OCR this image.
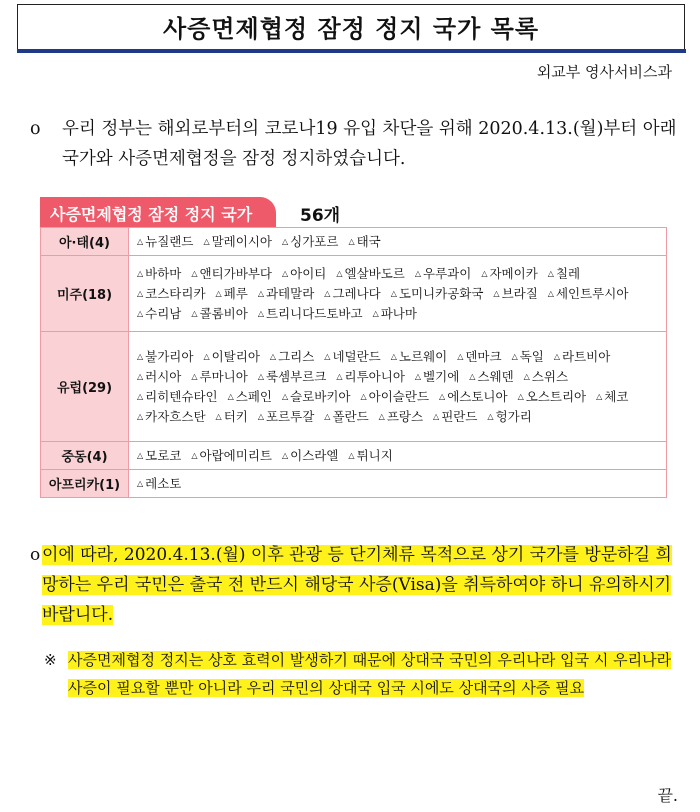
사증면제협정 잠정 정지 국가 목록
외교부 영사서비스과
o 우리 정부는 해외로부터의 코로나19 유입 차단을 위해 2020.4.13.(월)부터 아래 국가와 사증면제협정을 잠정 정지하였습니다.
사증면제협정 잠정 정지 국가	56개
아·태(4)	△ 뉴질랜드 △ 말레이시아 △ 싱가포르 △ 태국

미주(18)	△ 바하마 △ 앤티가바부다 △ 아이티 △ 엘살바도르 △ 우루과이 △ 자메이카 △ 칠레 △ 코스타리카 △ 페루 △ 과테말라 △ 그레나다 △ 도미니카공화국 △ 브라질 △ 세인트루시아 △ 수리남 △ 콜롬비아 △ 트리니다드토바고 △ 파나마

유럽(29)	△ 불가리아 △ 이탈리아 △ 그리스 △ 네덜란드 △ 노르웨이 △ 덴마크 △ 독일 △ 라트비아 △ 러시아 △ 루마니아 △ 룩셈부르크 △ 리투아니아 △ 벨기에 △ 스웨덴 △ 스위스 △ 리히텐슈타인 △ 스페인 △ 슬로바키아 △ 아이슬란드 △ 에스토니아 △ 오스트리아 △ 체코 △ 카자흐스탄 △ 터키 △ 포르투갈 △ 폴란드 △ 프랑스 △ 핀란드 △ 헝가리

중동(4)	△ 모로코 △ 아랍에미리트 △ 이스라엘 △ 튀니지

아프리카(1)	△ 레소토
o 이에 따라, 2020.4.13.(월) 이후 관광 등 단기체류 목적으로 상기 국가를 방문하길 희망하는 우리 국민은 출국 전 반드시 해당국 사증(Visa)을 취득하여야 하니 유의하시기 바랍니다.
※ 사증면제협정 정지는 상호 효력이 발생하기 때문에 상대국 국민의 우리나라 입국 시 우리나라 사증이 필요할 뿐만 아니라 우리 국민의 상대국 입국 시에도 상대국의 사증 필요
끝.
